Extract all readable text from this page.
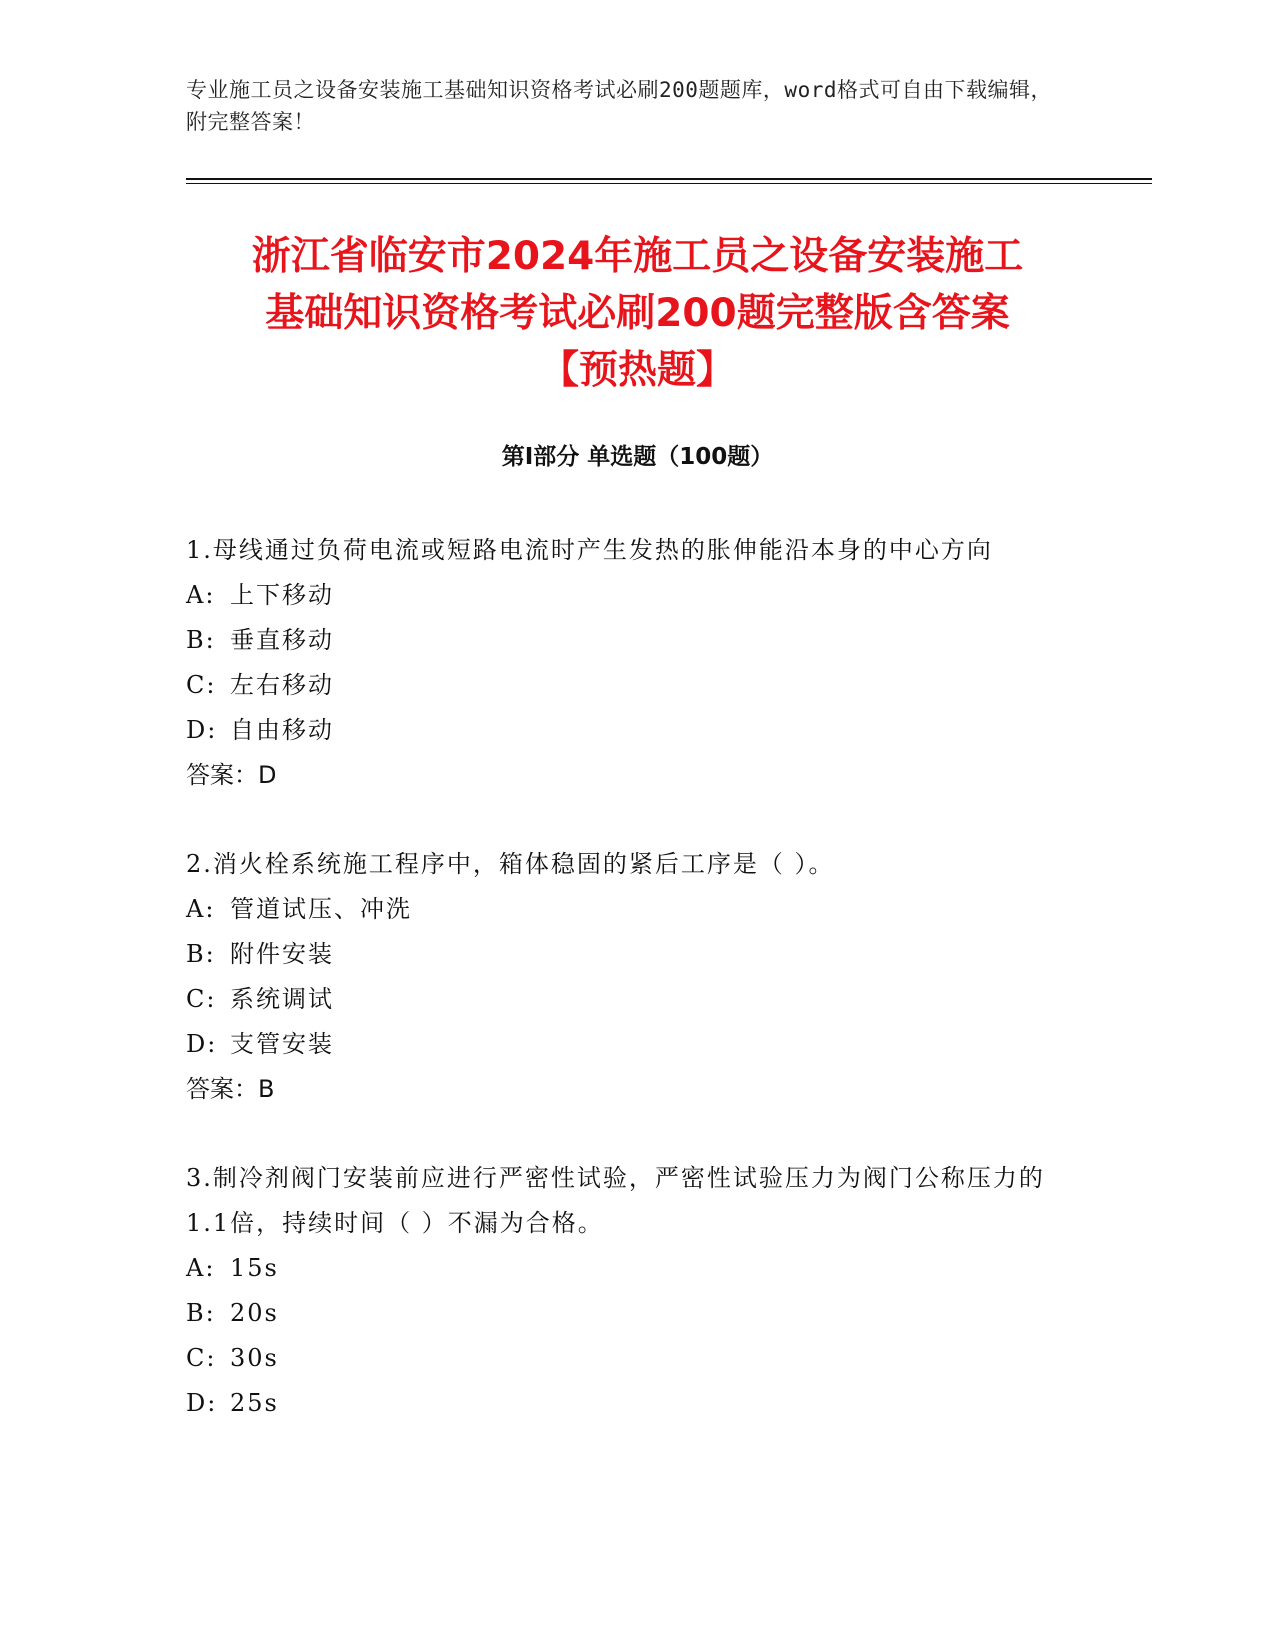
专业施工员之设备安装施工基础知识资格考试必刷200题题库，word格式可自由下载编辑，附完整答案！
浙江省临安市2024年施工员之设备安装施工
基础知识资格考试必刷200题完整版含答案
【预热题】
第Ⅰ部分 单选题（100题）
1.母线通过负荷电流或短路电流时产生发热的胀伸能沿本身的中心方向
A: 上下移动
B: 垂直移动
C: 左右移动
D: 自由移动
答案：D
2.消火栓系统施工程序中，箱体稳固的紧后工序是（ ）。
A: 管道试压、冲洗
B: 附件安装
C: 系统调试
D: 支管安装
答案：B
3.制冷剂阀门安装前应进行严密性试验，严密性试验压力为阀门公称压力的1.1倍，持续时间（ ）不漏为合格。
A: 15s
B: 20s
C: 30s
D: 25s
